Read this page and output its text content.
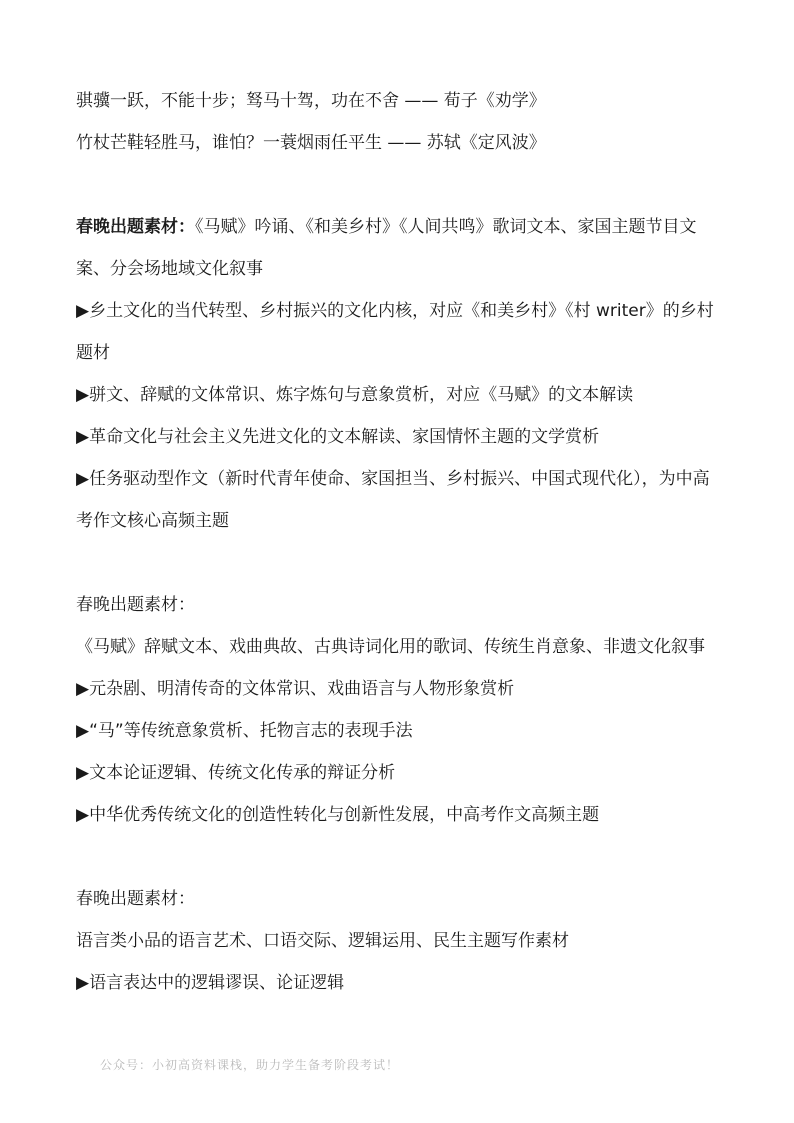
骐骥一跃，不能十步；驽马十驾，功在不舍 —— 荀子《劝学》

竹杖芒鞋轻胜马，谁怕？一蓑烟雨任平生 —— 苏轼《定风波》

春晚出题素材：《马赋》吟诵、《和美乡村》《人间共鸣》歌词文本、家国主题节目文案、分会场地域文化叙事

▶乡土文化的当代转型、乡村振兴的文化内核，对应《和美乡村》《村 writer》的乡村题材

▶骈文、辞赋的文体常识、炼字炼句与意象赏析，对应《马赋》的文本解读

▶革命文化与社会主义先进文化的文本解读、家国情怀主题的文学赏析

▶任务驱动型作文（新时代青年使命、家国担当、乡村振兴、中国式现代化），为中高考作文核心高频主题

春晚出题素材：

《马赋》辞赋文本、戏曲典故、古典诗词化用的歌词、传统生肖意象、非遗文化叙事

▶元杂剧、明清传奇的文体常识、戏曲语言与人物形象赏析

▶“马”等传统意象赏析、托物言志的表现手法

▶文本论证逻辑、传统文化传承的辩证分析

▶中华优秀传统文化的创造性转化与创新性发展，中高考作文高频主题

春晚出题素材：

语言类小品的语言艺术、口语交际、逻辑运用、民生主题写作素材

▶语言表达中的逻辑谬误、论证逻辑

公众号：小初高资料课栈，助力学生备考阶段考试！
